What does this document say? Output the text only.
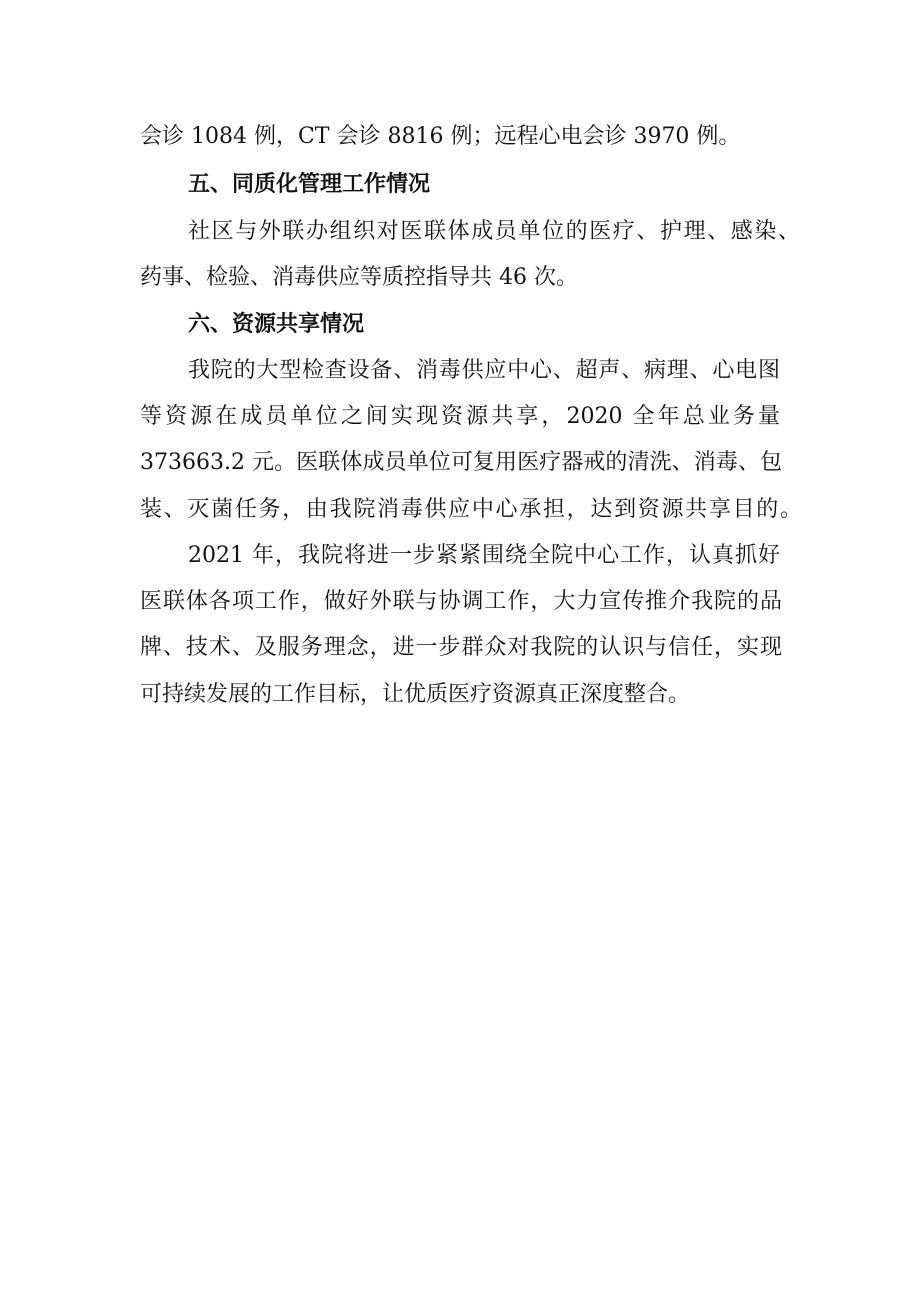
会诊 1084 例，CT 会诊 8816 例；远程心电会诊 3970 例。

五、同质化管理工作情况

社区与外联办组织对医联体成员单位的医疗、护理、感染、

药事、检验、消毒供应等质控指导共 46 次。

六、资源共享情况

我院的大型检查设备、消毒供应中心、超声、病理、心电图

等资源在成员单位之间实现资源共享，2020 全年总业务量

373663.2 元。医联体成员单位可复用医疗器戒的清洗、消毒、包

装、灭菌任务，由我院消毒供应中心承担，达到资源共享目的。

2021 年，我院将进一步紧紧围绕全院中心工作，认真抓好

医联体各项工作，做好外联与协调工作，大力宣传推介我院的品

牌、技术、及服务理念，进一步群众对我院的认识与信任，实现

可持续发展的工作目标，让优质医疗资源真正深度整合。
